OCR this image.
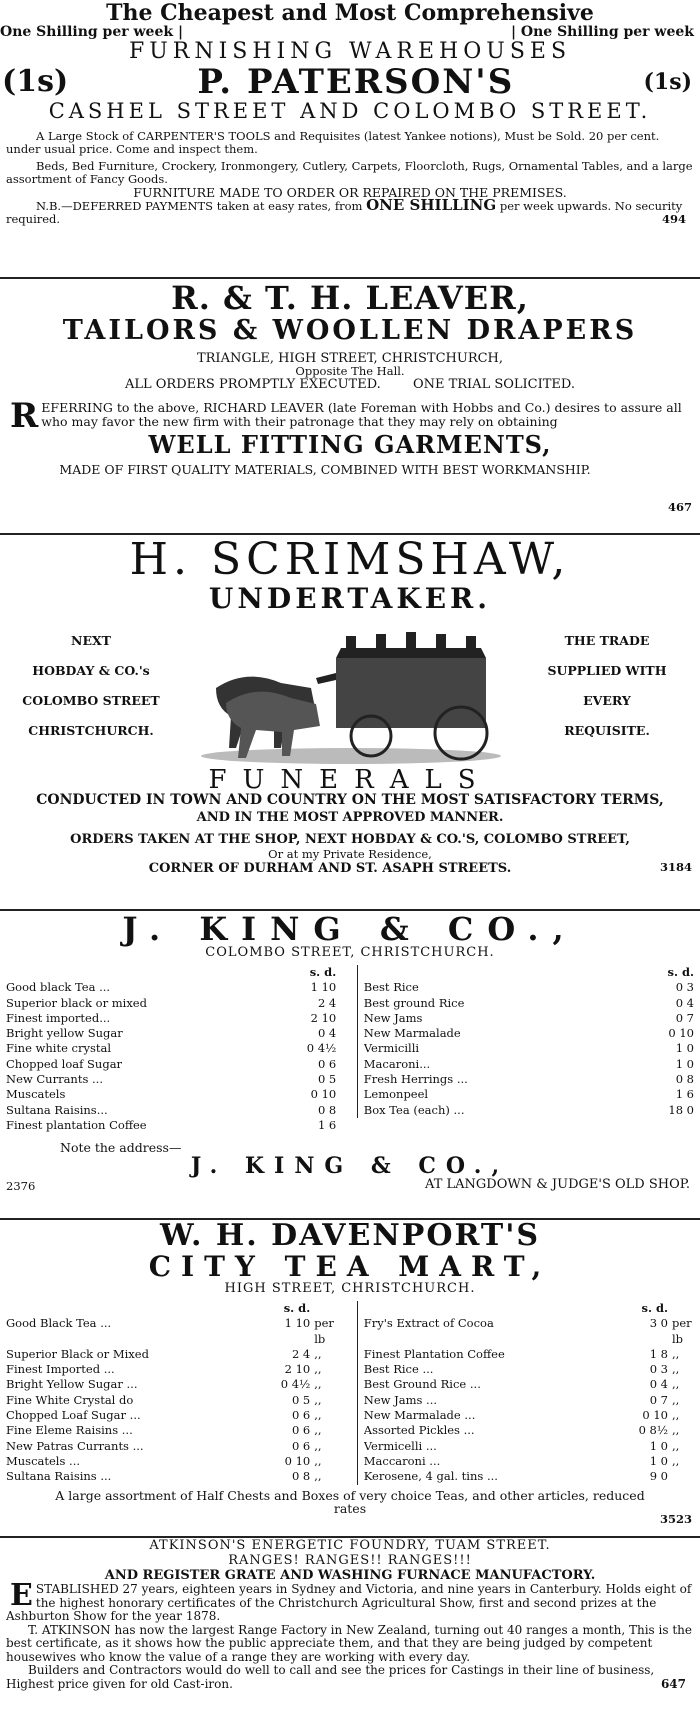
The Cheapest and Most Comprehensive
One Shilling per week |	| One Shilling per week
FURNISHING WAREHOUSES
(1s)	P. PATERSON'S	(1s)
CASHEL STREET AND COLOMBO STREET.
A Large Stock of CARPENTER'S TOOLS and Requisites (latest Yankee notions), Must be Sold. 20 per cent. under usual price. Come and inspect them.
Beds, Bed Furniture, Crockery, Ironmongery, Cutlery, Carpets, Floorcloth, Rugs, Ornamental Tables, and a large assortment of Fancy Goods.
FURNITURE MADE TO ORDER OR REPAIRED ON THE PREMISES.
N.B.—DEFERRED PAYMENTS taken at easy rates, from ONE SHILLING per week upwards. No security required.	494
R. & T. H. LEAVER,
TAILORS & WOOLLEN DRAPERS
TRIANGLE, HIGH STREET, CHRISTCHURCH,
Opposite The Hall.
ALL ORDERS PROMPTLY EXECUTED. ONE TRIAL SOLICITED.
R EFERRING to the above, RICHARD LEAVER (late Foreman with Hobbs and Co.) desires to assure all who may favor the new firm with their patronage that they may rely on obtaining
WELL FITTING GARMENTS,
MADE OF FIRST QUALITY MATERIALS, COMBINED WITH BEST WORKMANSHIP.
467
H. SCRIMSHAW,
UNDERTAKER.
NEXT
HOBDAY & CO.'s
COLOMBO STREET
CHRISTCHURCH.
THE TRADE
SUPPLIED WITH
EVERY
REQUISITE.
FUNERALS
CONDUCTED IN TOWN AND COUNTRY ON THE MOST SATISFACTORY TERMS,
AND IN THE MOST APPROVED MANNER.
ORDERS TAKEN AT THE SHOP, NEXT HOBDAY & CO.'S, COLOMBO STREET,
Or at my Private Residence,
CORNER OF DURHAM AND ST. ASAPH STREETS.	3184
J. KING & CO.,
COLOMBO STREET, CHRISTCHURCH.
s. d.
Good black Tea ...	1 10
Superior black or mixed	2 4
Finest imported...	2 10
Bright yellow Sugar	0 4
Fine white crystal	0 4½
Chopped loaf Sugar	0 6
New Currants ...	0 5
Muscatels	0 10
Sultana Raisins...	0 8
Finest plantation Coffee	1 6
s. d.
Best Rice	0 3
Best ground Rice	0 4
New Jams	0 7
New Marmalade	0 10
Vermicilli	1 0
Macaroni...	1 0
Fresh Herrings ...	0 8
Lemonpeel	1 6
Box Tea (each) ...	18 0
Note the address—
J. KING & CO.,
2376	AT LANGDOWN & JUDGE'S OLD SHOP.
W. H. DAVENPORT'S
CITY TEA MART,
HIGH STREET, CHRISTCHURCH.
s. d.
Good Black Tea ...	1 10 per lb
Superior Black or Mixed	2 4 ,,
Finest Imported ...	2 10 ,,
Bright Yellow Sugar ...	0 4½ ,,
Fine White Crystal do	0 5 ,,
Chopped Loaf Sugar ...	0 6 ,,
Fine Eleme Raisins ...	0 6 ,,
New Patras Currants ...	0 6 ,,
Muscatels ...	0 10 ,,
Sultana Raisins ...	0 8 ,,
s. d.
Fry's Extract of Cocoa	3 0 per lb
Finest Plantation Coffee	1 8 ,,
Best Rice ...	0 3 ,,
Best Ground Rice ...	0 4 ,,
New Jams ...	0 7 ,,
New Marmalade ...	0 10 ,,
Assorted Pickles ...	0 8½ ,,
Vermicelli ...	1 0 ,,
Maccaroni ...	1 0 ,,
Kerosene, 4 gal. tins ...	9 0
A large assortment of Half Chests and Boxes of very choice Teas, and other articles, reduced rates
3523
ATKINSON'S ENERGETIC FOUNDRY, TUAM STREET.
RANGES! RANGES!! RANGES!!!
AND REGISTER GRATE AND WASHING FURNACE MANUFACTORY.
E STABLISHED 27 years, eighteen years in Sydney and Victoria, and nine years in Canterbury. Holds eight of the highest honorary certificates of the Christchurch Agricultural Show, first and second prizes at the Ashburton Show for the year 1878.
T. ATKINSON has now the largest Range Factory in New Zealand, turning out 40 ranges a month, This is the best certificate, as it shows how the public appreciate them, and that they are being judged by competent housewives who know the value of a range they are working with every day.
Builders and Contractors would do well to call and see the prices for Castings in their line of business, Highest price given for old Cast-iron.	647
